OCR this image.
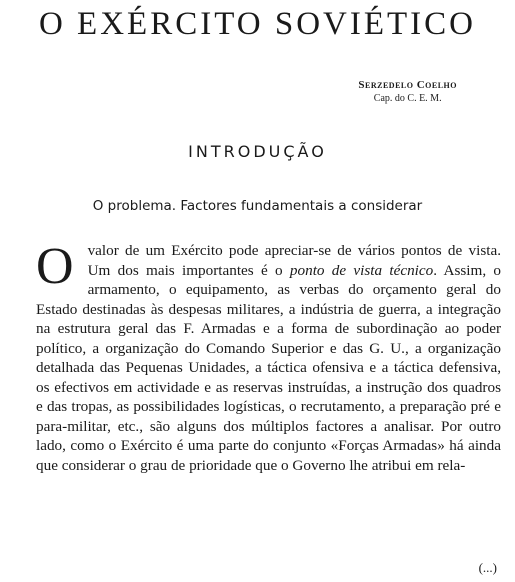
O EXÉRCITO SOVIÉTICO
Serzedelo Coelho
Cap. do C. E. M.
INTRODUÇÃO
O problema. Factores fundamentais a considerar

Ovalor de um Exército pode apreciar-se de vários pontos de vista. Um dos mais importantes é o ponto de vista técnico. Assim, o armamento, o equipamento, as verbas do orçamento geral do Estado destinadas às despesas militares, a indústria de guerra, a integração na estrutura geral das F. Armadas e a forma de subordinação ao poder político, a organização do Comando Superior e das G. U., a organização detalhada das Pequenas Unidades, a táctica ofensiva e a táctica defensiva, os efectivos em actividade e as reservas instruídas, a instrução dos quadros e das tropas, as possibilidades logísticas, o recrutamento, a preparação pré e para-militar, etc., são alguns dos múltiplos factores a analisar. Por outro lado, como o Exército é uma parte do conjunto «Forças Armadas» há ainda que considerar o grau de prioridade que o Governo lhe atribui em rela-

(...)
